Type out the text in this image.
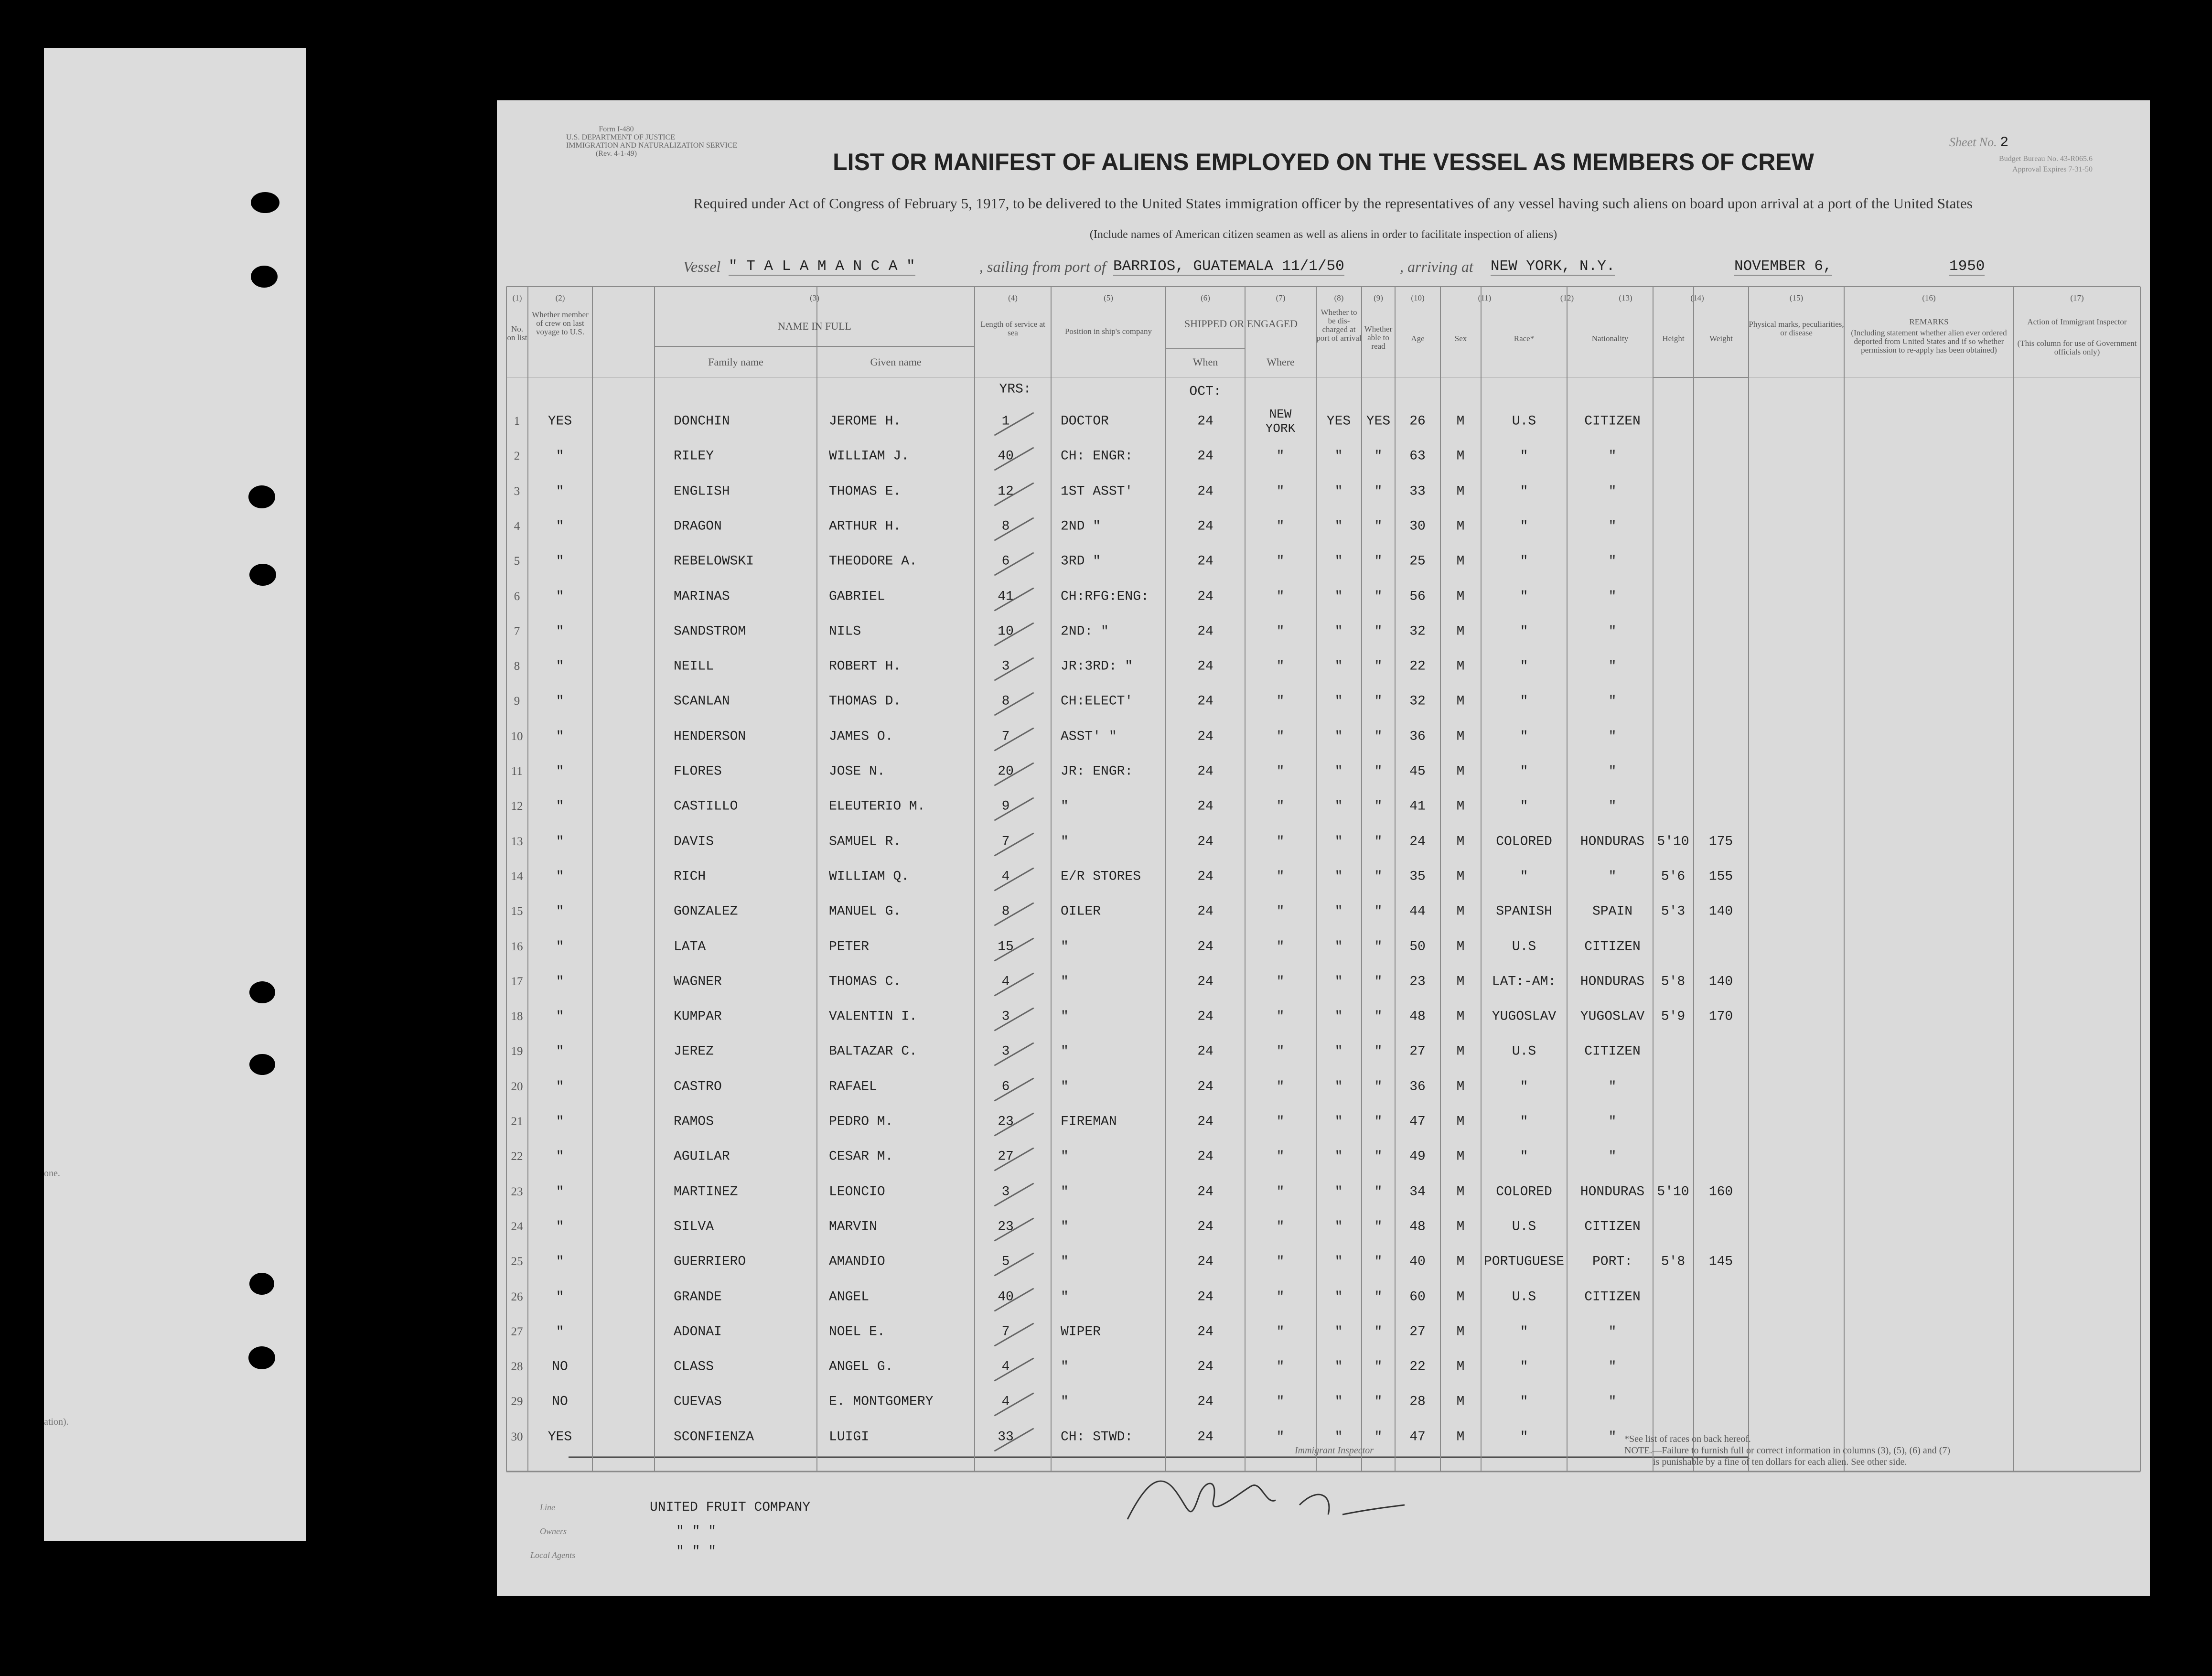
one.
ation).
Form I-480
U.S. DEPARTMENT OF JUSTICE
IMMIGRATION AND NATURALIZATION SERVICE
(Rev. 4-1-49)
Sheet No. 2
Budget Bureau No. 43-R065.6
Approval Expires 7-31-50
LIST OR MANIFEST OF ALIENS EMPLOYED ON THE VESSEL AS MEMBERS OF CREW
Required under Act of Congress of February 5, 1917, to be delivered to the United States immigration officer by the representatives of any vessel having such aliens on board upon arrival at a port of the United States
(Include names of American citizen seamen as well as aliens in order to facilitate inspection of aliens)
Vessel " T A L A M A N C A "	, sailing from port of BARRIOS, GUATEMALA 11/1/50	, arriving at NEW YORK, N.Y.	NOVEMBER 6,	1950
(1)	(2)	(3)	(4)	(5)	(6)	(7)	(8)	(9)	(10)	(11)	(12)	(13)	(14)	(15)	(16)	(17)
No. on list
Whether member of crew on last voyage to U.S.	NAME IN FULL
Family name	Given name
Length of service at sea	Position in ship's company
SHIPPED OR ENGAGED
When	Where
Whether to be dis-charged at port of arrival
Whether able to read
Age	Sex	Race*	Nationality	Height	Weight
Physical marks, peculiarities, or disease
REMARKS
(Including statement whether alien ever ordered deported from United States and if so whether permission to re-apply has been obtained)
Action of Immigrant Inspector
(This column for use of Government officials only)
YRS:	OCT:
1	YES	DONCHIN	JEROME H.	1	DOCTOR	24	NEW YORK	YES	YES	26	M	U.S	CITIZEN
2	"	RILEY	WILLIAM J.	40	CH: ENGR:	24	"	"	"	63	M	"	"
3	"	ENGLISH	THOMAS E.	12	1ST ASST'	24	"	"	"	33	M	"	"
4	"	DRAGON	ARTHUR H.	8	2ND "	24	"	"	"	30	M	"	"
5	"	REBELOWSKI	THEODORE A.	6	3RD "	24	"	"	"	25	M	"	"
6	"	MARINAS	GABRIEL	41	CH:RFG:ENG:	24	"	"	"	56	M	"	"
7	"	SANDSTROM	NILS	10	2ND: "	24	"	"	"	32	M	"	"
8	"	NEILL	ROBERT H.	3	JR:3RD: "	24	"	"	"	22	M	"	"
9	"	SCANLAN	THOMAS D.	8	CH:ELECT'	24	"	"	"	32	M	"	"
10	"	HENDERSON	JAMES O.	7	ASST' "	24	"	"	"	36	M	"	"
11	"	FLORES	JOSE N.	20	JR: ENGR:	24	"	"	"	45	M	"	"
12	"	CASTILLO	ELEUTERIO M.	9	"	24	"	"	"	41	M	"	"
13	"	DAVIS	SAMUEL R.	7	"	24	"	"	"	24	M	COLORED	HONDURAS 5'10	175
14	"	RICH	WILLIAM Q.	4	E/R STORES	24	"	"	"	35	M	"	"	5'6	155
15	"	GONZALEZ	MANUEL G.	8	OILER	24	"	"	"	44	M	SPANISH	SPAIN	5'3	140
16	"	LATA	PETER	15	"	24	"	"	"	50	M	U.S	CITIZEN
17	"	WAGNER	THOMAS C.	4	"	24	"	"	"	23	M	LAT:-AM:	HONDURAS	5'8	140
18	"	KUMPAR	VALENTIN I.	3	"	24	"	"	"	48	M	YUGOSLAV	YUGOSLAV	5'9	170
19	"	JEREZ	BALTAZAR C.	3	"	24	"	"	"	27	M	U.S	CITIZEN
20	"	CASTRO	RAFAEL	6	"	24	"	"	"	36	M	"	"
21	"	RAMOS	PEDRO M.	23	FIREMAN	24	"	"	"	47	M	"	"
22	"	AGUILAR	CESAR M.	27	"	24	"	"	"	49	M	"	"
23	"	MARTINEZ	LEONCIO	3	"	24	"	"	"	34	M	COLORED	HONDURAS 5'10	160
24	"	SILVA	MARVIN	23	"	24	"	"	"	48	M	U.S	CITIZEN
25	"	GUERRIERO	AMANDIO	5	"	24	"	"	"	40	M	PORTUGUESE	PORT:	5'8	145
26	"	GRANDE	ANGEL	40	"	24	"	"	"	60	M	U.S	CITIZEN
27	"	ADONAI	NOEL E.	7	WIPER	24	"	"	"	27	M	"	"
28	NO	CLASS	ANGEL G.	4	"	24	"	"	"	22	M	"	"
29	NO	CUEVAS	E. MONTGOMERY	4	"	24	"	"	"	28	M	"	"
30	YES	SCONFIENZA	LUIGI	33	CH: STWD:	24	"	"	"	47	M	"	"
Immigrant Inspector
*See list of races on back hereof.
NOTE.—Failure to furnish full or correct information in columns (3), (5), (6) and (7)
is punishable by a fine of ten dollars for each alien. See other side.
Line	UNITED FRUIT COMPANY
Owners	" " "
Local Agents	" " "
